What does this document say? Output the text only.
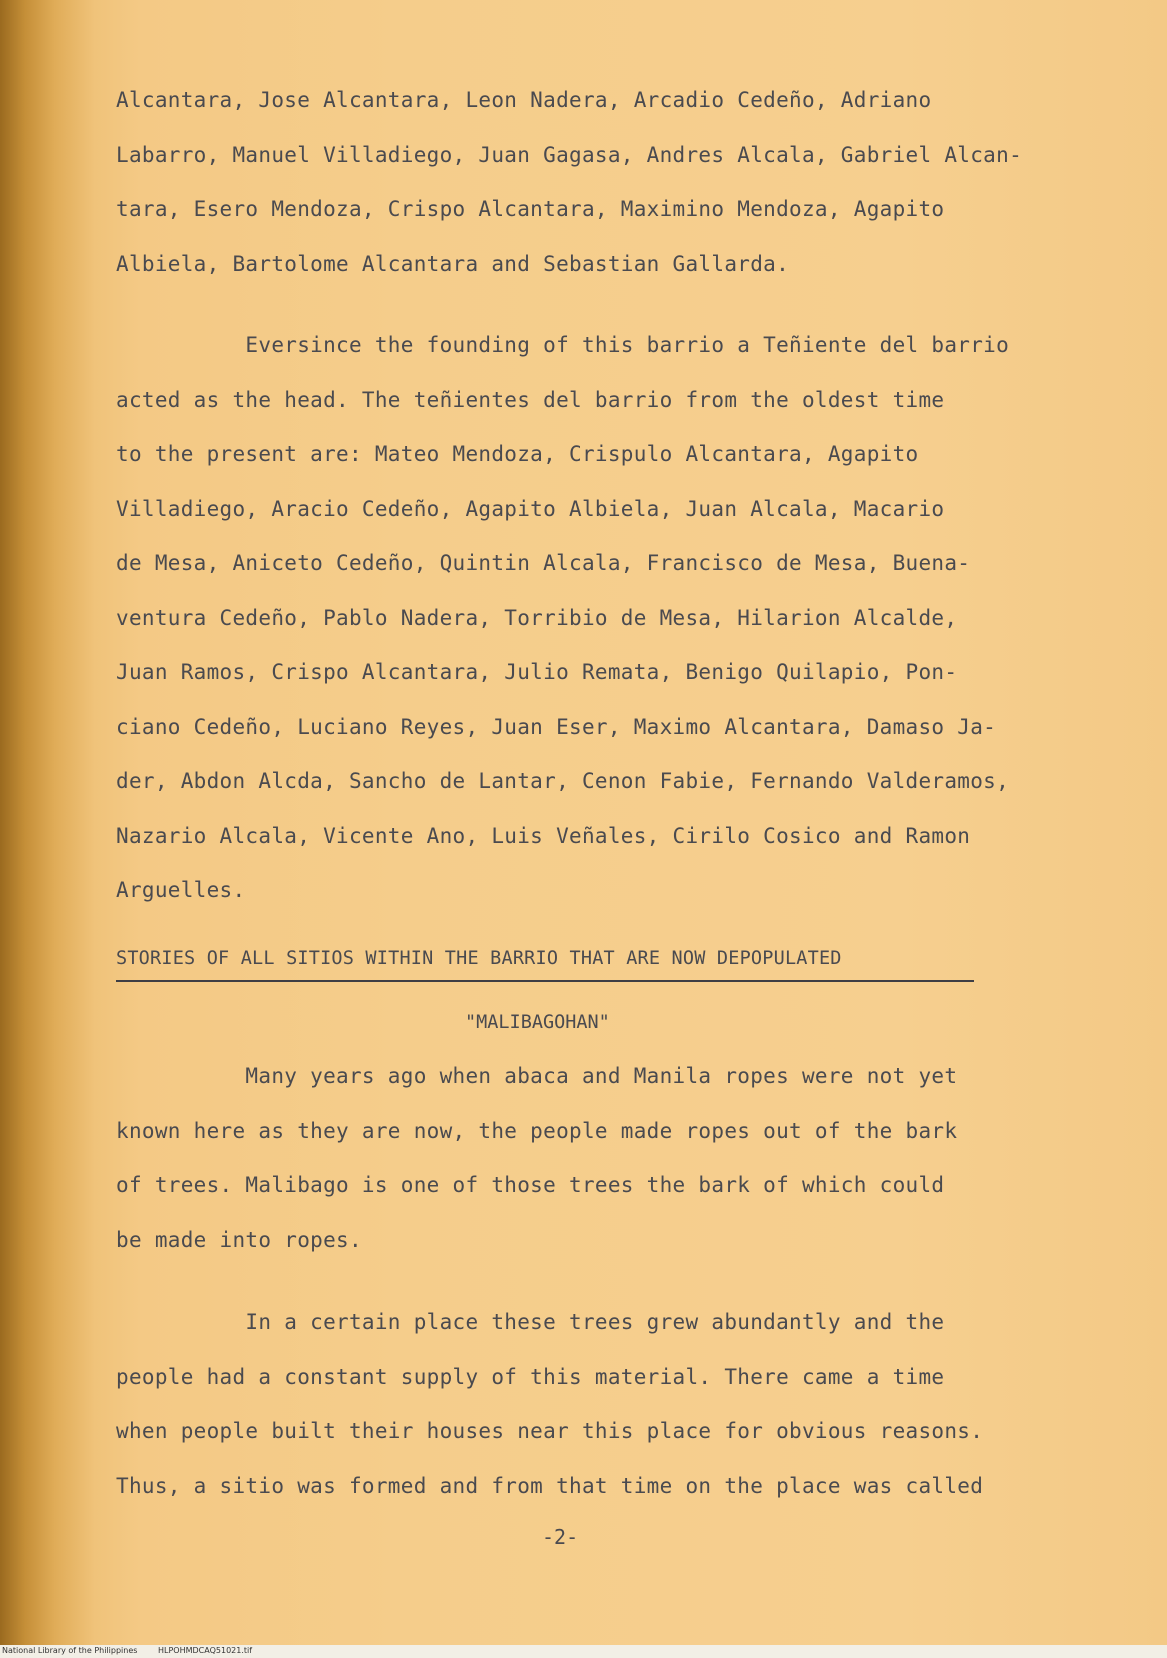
Alcantara, Jose Alcantara, Leon Nadera, Arcadio Cedeño, Adriano
Labarro, Manuel Villadiego, Juan Gagasa, Andres Alcala, Gabriel Alcan-
tara, Esero Mendoza, Crispo Alcantara, Maximino Mendoza, Agapito
Albiela, Bartolome Alcantara and Sebastian Gallarda.
Eversince the founding of this barrio a Teñiente del barrio
acted as the head. The teñientes del barrio from the oldest time
to the present are: Mateo Mendoza, Crispulo Alcantara, Agapito
Villadiego, Aracio Cedeño, Agapito Albiela, Juan Alcala, Macario
de Mesa, Aniceto Cedeño, Quintin Alcala, Francisco de Mesa, Buena-
ventura Cedeño, Pablo Nadera, Torribio de Mesa, Hilarion Alcalde,
Juan Ramos, Crispo Alcantara, Julio Remata, Benigo Quilapio, Pon-
ciano Cedeño, Luciano Reyes, Juan Eser, Maximo Alcantara, Damaso Ja-
der, Abdon Alcda, Sancho de Lantar, Cenon Fabie, Fernando Valderamos,
Nazario Alcala, Vicente Ano, Luis Veñales, Cirilo Cosico and Ramon
Arguelles.
STORIES OF ALL SITIOS WITHIN THE BARRIO THAT ARE NOW DEPOPULATED
"MALIBAGOHAN"
Many years ago when abaca and Manila ropes were not yet
known here as they are now, the people made ropes out of the bark
of trees. Malibago is one of those trees the bark of which could
be made into ropes.
In a certain place these trees grew abundantly and the
people had a constant supply of this material. There came a time
when people built their houses near this place for obvious reasons.
Thus, a sitio was formed and from that time on the place was called
-2-
National Library of the Philippines	HLPOHMDCAQ51021.tif
